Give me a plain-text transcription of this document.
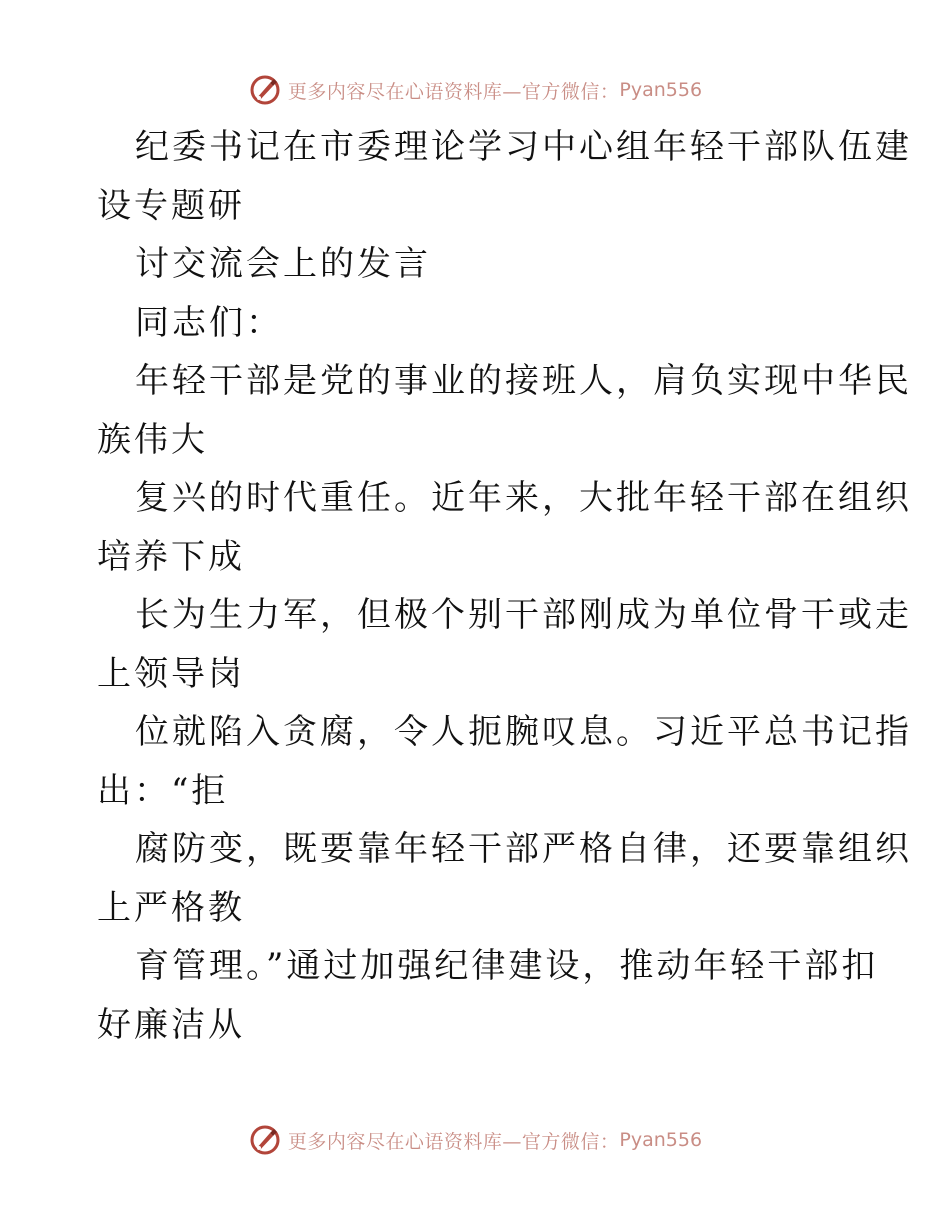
更多内容尽在心语资料库—官方微信： Pyan556
纪委书记在市委理论学习中心组年轻干部队伍建
设专题研
讨交流会上的发言
同志们：
年轻干部是党的事业的接班人，肩负实现中华民
族伟大
复兴的时代重任。近年来，大批年轻干部在组织
培养下成
长为生力军，但极个别干部刚成为单位骨干或走
上领导岗
位就陷入贪腐，令人扼腕叹息。习近平总书记指
出：“拒
腐防变，既要靠年轻干部严格自律，还要靠组织
上严格教
育管理。”通过加强纪律建设，推动年轻干部扣
好廉洁从
更多内容尽在心语资料库—官方微信： Pyan556
